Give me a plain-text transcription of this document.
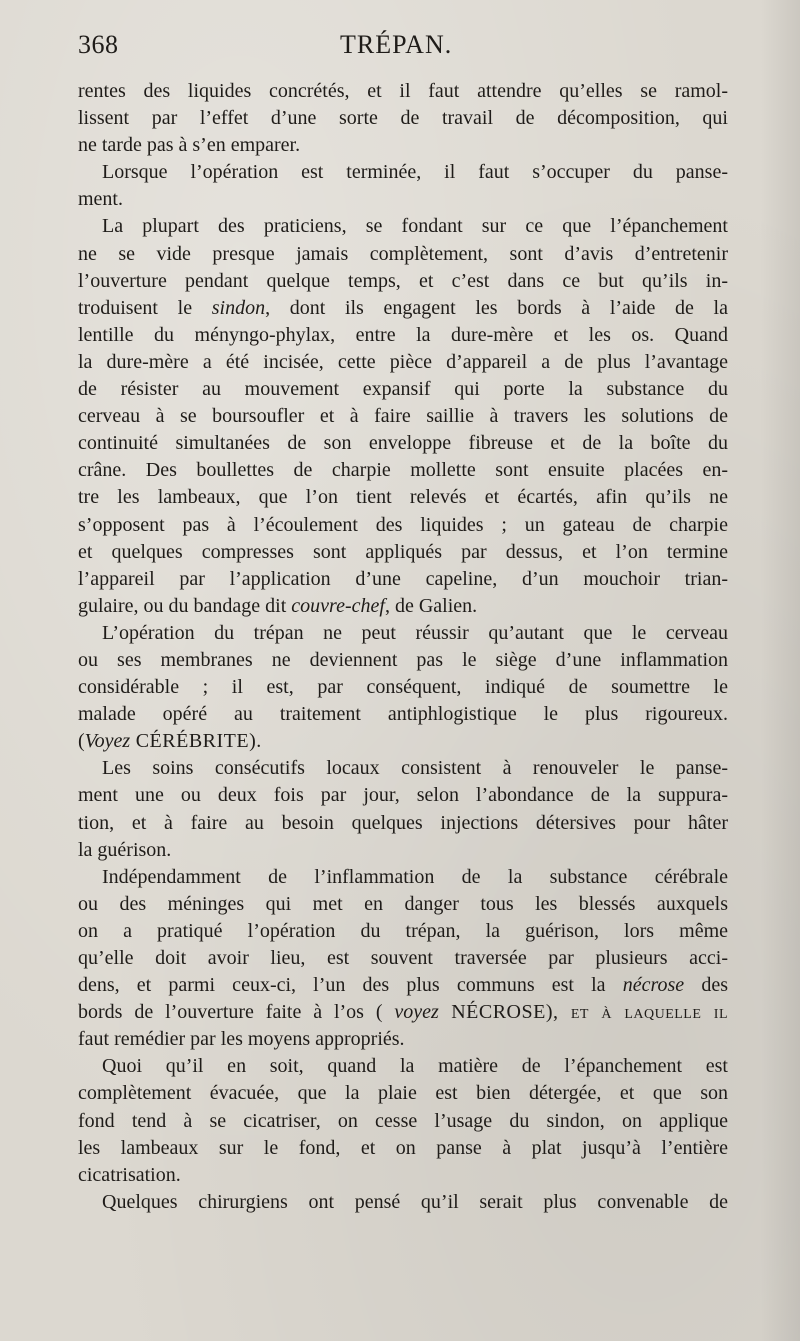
368	TRÉPAN.
rentes des liquides concrétés, et il faut attendre qu’elles se ramol-
lissent par l’effet d’une sorte de travail de décomposition, qui
ne tarde pas à s’en emparer.
Lorsque l’opération est terminée, il faut s’occuper du panse-
ment.
La plupart des praticiens, se fondant sur ce que l’épanchement
ne se vide presque jamais complètement, sont d’avis d’entretenir
l’ouverture pendant quelque temps, et c’est dans ce but qu’ils in-
troduisent le sindon, dont ils engagent les bords à l’aide de la
lentille du ményngo-phylax, entre la dure-mère et les os. Quand
la dure-mère a été incisée, cette pièce d’appareil a de plus l’avantage
de résister au mouvement expansif qui porte la substance du
cerveau à se boursoufler et à faire saillie à travers les solutions de
continuité simultanées de son enveloppe fibreuse et de la boîte du
crâne. Des boullettes de charpie mollette sont ensuite placées en-
tre les lambeaux, que l’on tient relevés et écartés, afin qu’ils ne
s’opposent pas à l’écoulement des liquides ; un gateau de charpie
et quelques compresses sont appliqués par dessus, et l’on termine
l’appareil par l’application d’une capeline, d’un mouchoir trian-
gulaire, ou du bandage dit couvre-chef, de Galien.
L’opération du trépan ne peut réussir qu’autant que le cerveau
ou ses membranes ne deviennent pas le siège d’une inflammation
considérable ; il est, par conséquent, indiqué de soumettre le
malade opéré au traitement antiphlogistique le plus rigoureux.
(Voyez CÉRÉBRITE).
Les soins consécutifs locaux consistent à renouveler le panse-
ment une ou deux fois par jour, selon l’abondance de la suppura-
tion, et à faire au besoin quelques injections détersives pour hâter
la guérison.
Indépendamment de l’inflammation de la substance cérébrale
ou des méninges qui met en danger tous les blessés auxquels
on a pratiqué l’opération du trépan, la guérison, lors même
qu’elle doit avoir lieu, est souvent traversée par plusieurs acci-
dens, et parmi ceux-ci, l’un des plus communs est la nécrose des
bords de l’ouverture faite à l’os ( voyez NÉCROSE), et à laquelle il
faut remédier par les moyens appropriés.
Quoi qu’il en soit, quand la matière de l’épanchement est
complètement évacuée, que la plaie est bien détergée, et que son
fond tend à se cicatriser, on cesse l’usage du sindon, on applique
les lambeaux sur le fond, et on panse à plat jusqu’à l’entière
cicatrisation.
Quelques chirurgiens ont pensé qu’il serait plus convenable de
